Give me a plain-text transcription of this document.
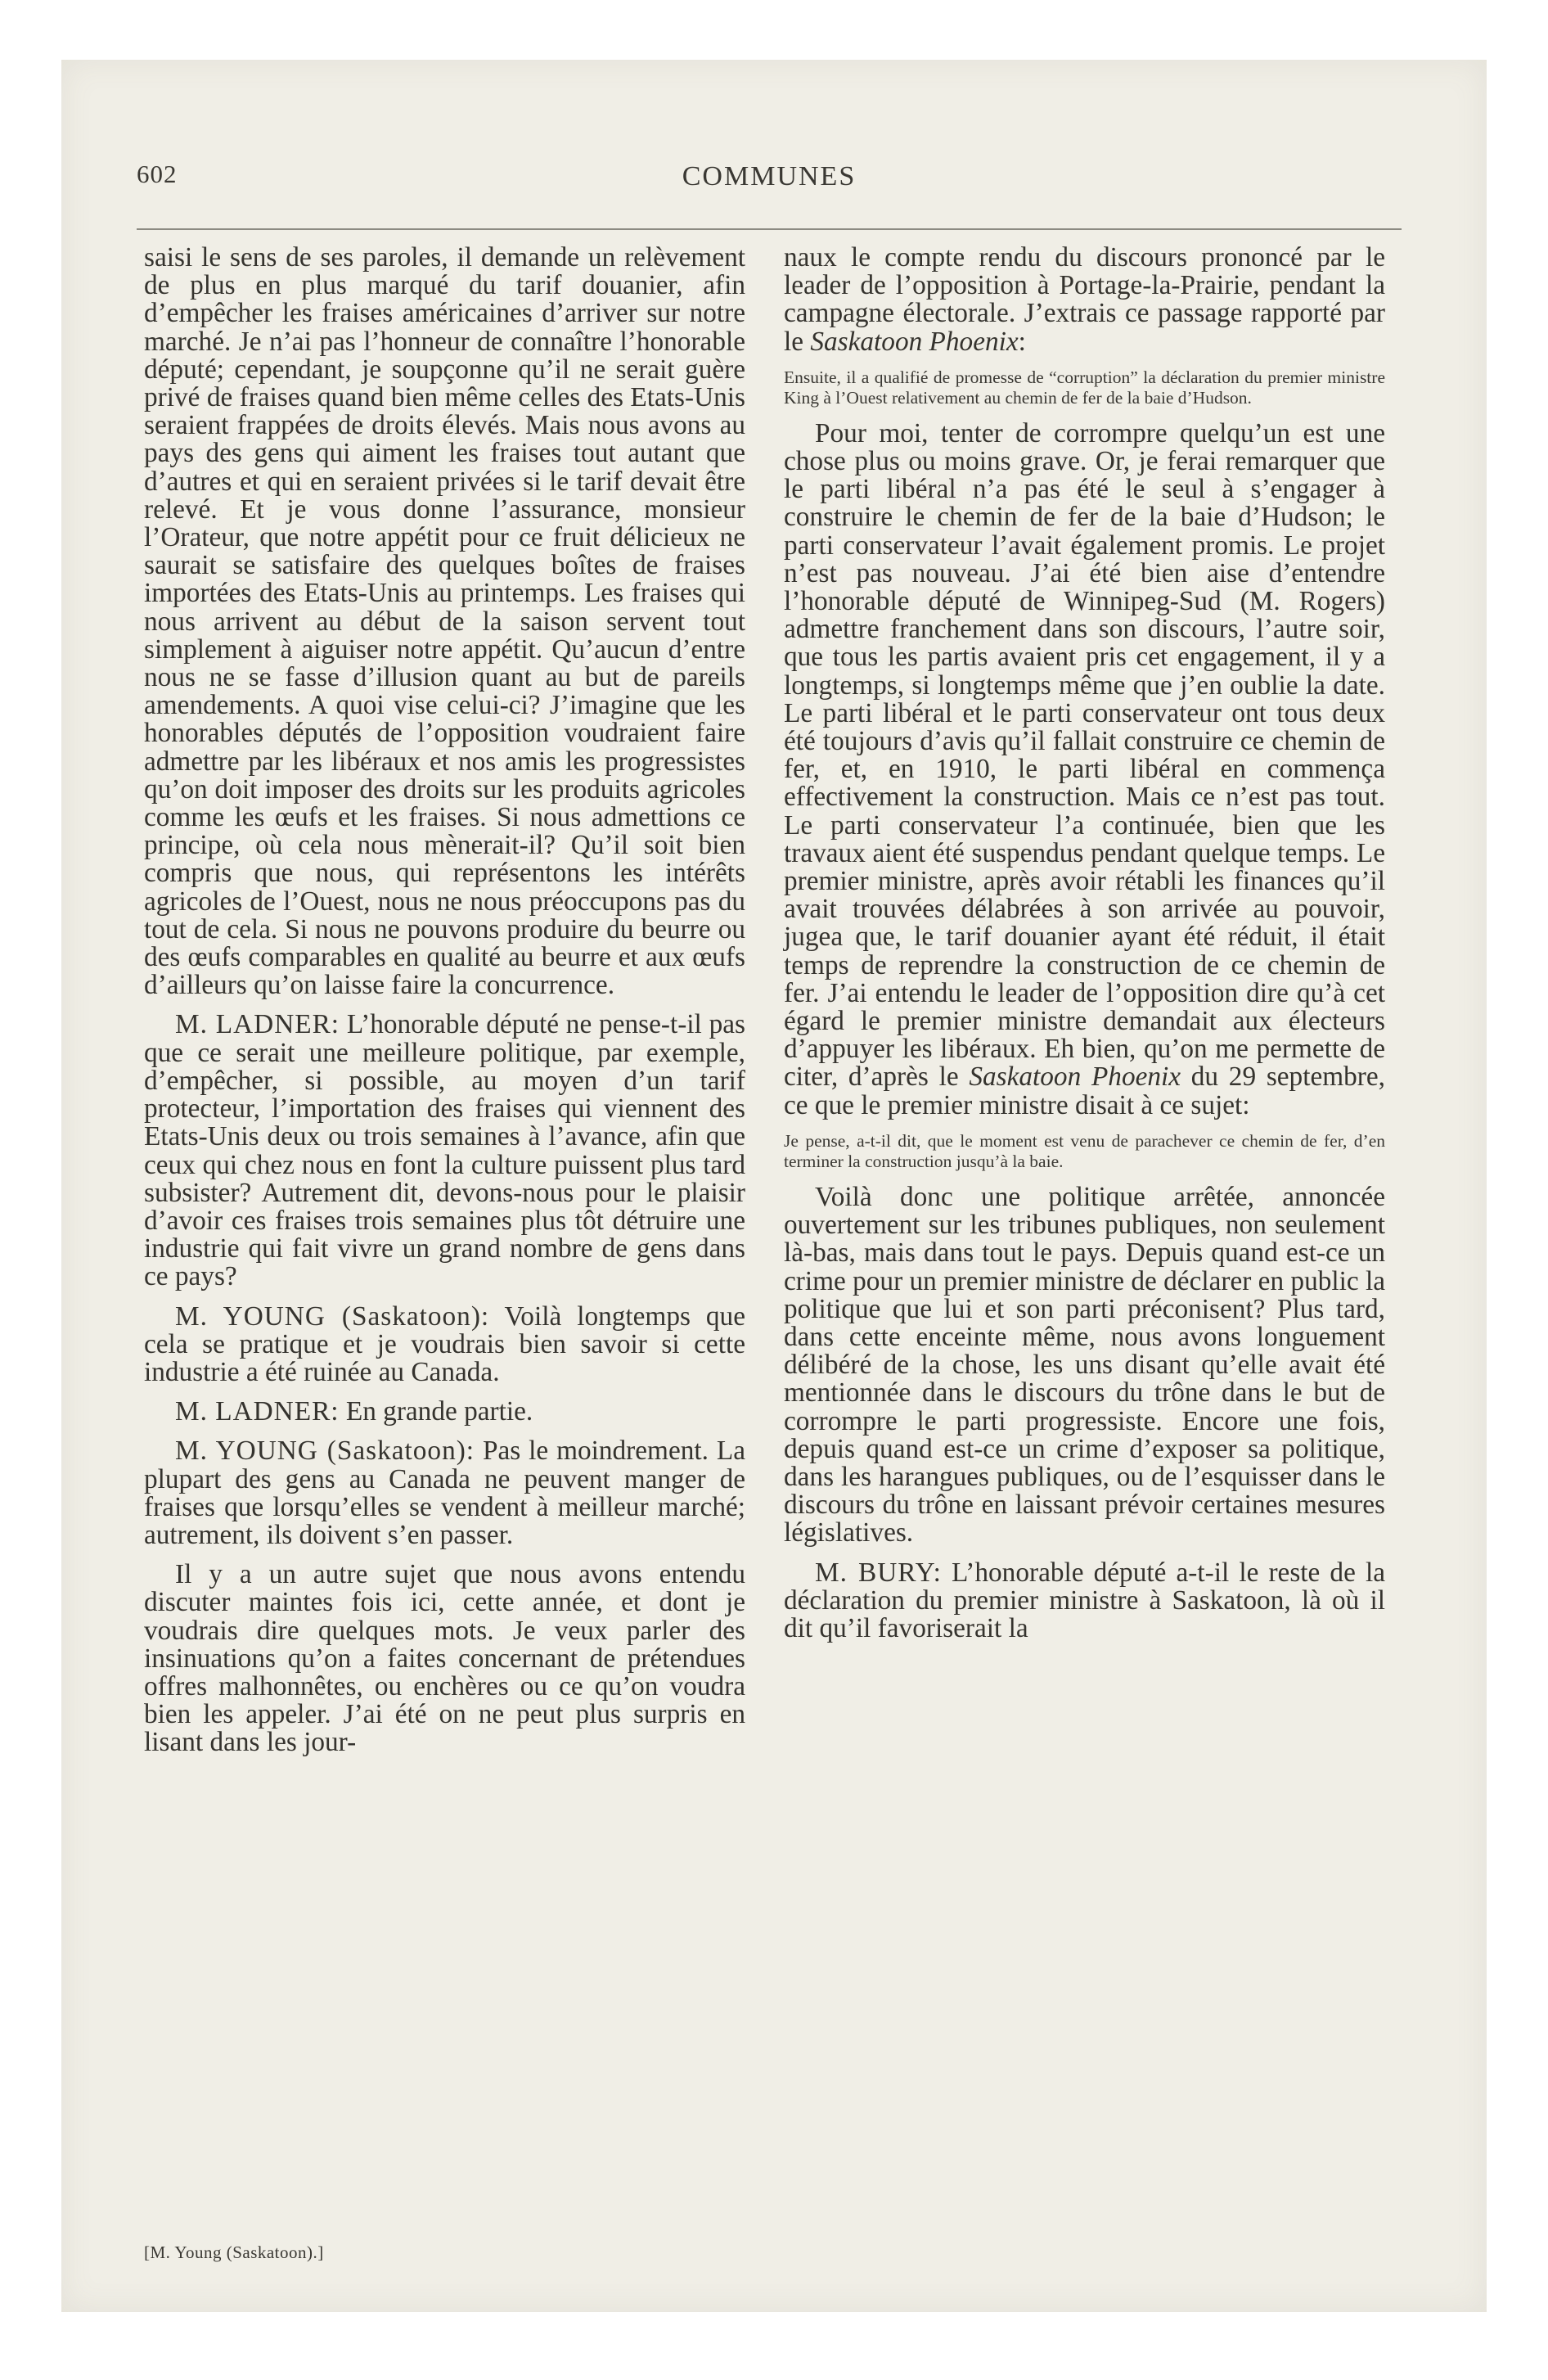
602	COMMUNES

saisi le sens de ses paroles, il demande un relèvement de plus en plus marqué du tarif douanier, afin d’empêcher les fraises américaines d’arriver sur notre marché. Je n’ai pas l’honneur de connaître l’honorable député; cependant, je soupçonne qu’il ne serait guère privé de fraises quand bien même celles des Etats-Unis seraient frappées de droits élevés. Mais nous avons au pays des gens qui aiment les fraises tout autant que d’autres et qui en seraient privées si le tarif devait être relevé. Et je vous donne l’assurance, monsieur l’Orateur, que notre appétit pour ce fruit délicieux ne saurait se satisfaire des quelques boîtes de fraises importées des Etats-Unis au printemps. Les fraises qui nous arrivent au début de la saison servent tout simplement à aiguiser notre appétit. Qu’aucun d’entre nous ne se fasse d’illusion quant au but de pareils amendements. A quoi vise celui-ci? J’imagine que les honorables députés de l’opposition voudraient faire admettre par les libéraux et nos amis les progressistes qu’on doit imposer des droits sur les produits agricoles comme les œufs et les fraises. Si nous admettions ce principe, où cela nous mènerait-il? Qu’il soit bien compris que nous, qui représentons les intérêts agricoles de l’Ouest, nous ne nous préoccupons pas du tout de cela. Si nous ne pouvons produire du beurre ou des œufs comparables en qualité au beurre et aux œufs d’ailleurs qu’on laisse faire la concurrence.

M. LADNER: L’honorable député ne pense-t-il pas que ce serait une meilleure politique, par exemple, d’empêcher, si possible, au moyen d’un tarif protecteur, l’importation des fraises qui viennent des Etats-Unis deux ou trois semaines à l’avance, afin que ceux qui chez nous en font la culture puissent plus tard subsister? Autrement dit, devons-nous pour le plaisir d’avoir ces fraises trois semaines plus tôt détruire une industrie qui fait vivre un grand nombre de gens dans ce pays?

M. YOUNG (Saskatoon): Voilà longtemps que cela se pratique et je voudrais bien savoir si cette industrie a été ruinée au Canada.

M. LADNER: En grande partie.

M. YOUNG (Saskatoon): Pas le moindrement. La plupart des gens au Canada ne peuvent manger de fraises que lorsqu’elles se vendent à meilleur marché; autrement, ils doivent s’en passer.

Il y a un autre sujet que nous avons entendu discuter maintes fois ici, cette année, et dont je voudrais dire quelques mots. Je veux parler des insinuations qu’on a faites concernant de prétendues offres malhonnêtes, ou enchères ou ce qu’on voudra bien les appeler. J’ai été on ne peut plus surpris en lisant dans les jour-

naux le compte rendu du discours prononcé par le leader de l’opposition à Portage-la-Prairie, pendant la campagne électorale. J’extrais ce passage rapporté par le Saskatoon Phoenix:

Ensuite, il a qualifié de promesse de “corruption” la déclaration du premier ministre King à l’Ouest relativement au chemin de fer de la baie d’Hudson.

Pour moi, tenter de corrompre quelqu’un est une chose plus ou moins grave. Or, je ferai remarquer que le parti libéral n’a pas été le seul à s’engager à construire le chemin de fer de la baie d’Hudson; le parti conservateur l’avait également promis. Le projet n’est pas nouveau. J’ai été bien aise d’entendre l’honorable député de Winnipeg-Sud (M. Rogers) admettre franchement dans son discours, l’autre soir, que tous les partis avaient pris cet engagement, il y a longtemps, si longtemps même que j’en oublie la date. Le parti libéral et le parti conservateur ont tous deux été toujours d’avis qu’il fallait construire ce chemin de fer, et, en 1910, le parti libéral en commença effectivement la construction. Mais ce n’est pas tout. Le parti conservateur l’a continuée, bien que les travaux aient été suspendus pendant quelque temps. Le premier ministre, après avoir rétabli les finances qu’il avait trouvées délabrées à son arrivée au pouvoir, jugea que, le tarif douanier ayant été réduit, il était temps de reprendre la construction de ce chemin de fer. J’ai entendu le leader de l’opposition dire qu’à cet égard le premier ministre demandait aux électeurs d’appuyer les libéraux. Eh bien, qu’on me permette de citer, d’après le Saskatoon Phoenix du 29 septembre, ce que le premier ministre disait à ce sujet:

Je pense, a-t-il dit, que le moment est venu de parachever ce chemin de fer, d’en terminer la construction jusqu’à la baie.

Voilà donc une politique arrêtée, annoncée ouvertement sur les tribunes publiques, non seulement là-bas, mais dans tout le pays. Depuis quand est-ce un crime pour un premier ministre de déclarer en public la politique que lui et son parti préconisent? Plus tard, dans cette enceinte même, nous avons longuement délibéré de la chose, les uns disant qu’elle avait été mentionnée dans le discours du trône dans le but de corrompre le parti progressiste. Encore une fois, depuis quand est-ce un crime d’exposer sa politique, dans les harangues publiques, ou de l’esquisser dans le discours du trône en laissant prévoir certaines mesures législatives.

M. BURY: L’honorable député a-t-il le reste de la déclaration du premier ministre à Saskatoon, là où il dit qu’il favoriserait la

[M. Young (Saskatoon).]
